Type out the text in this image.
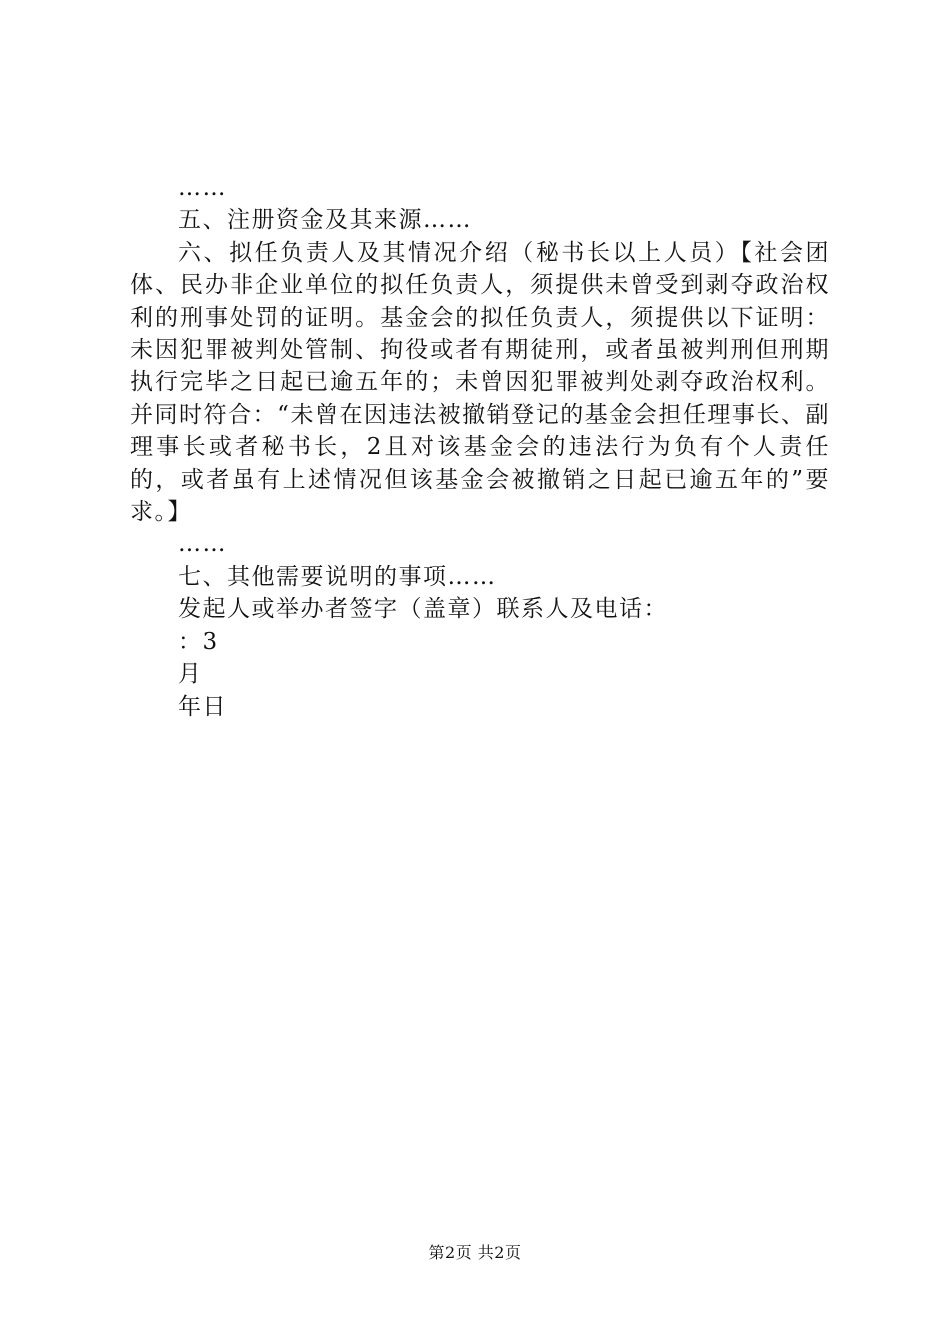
……

五、注册资金及其来源……

六、拟任负责人及其情况介绍（秘书长以上人员）【社会团体、民办非企业单位的拟任负责人，须提供未曾受到剥夺政治权利的刑事处罚的证明。基金会的拟任负责人，须提供以下证明：未因犯罪被判处管制、拘役或者有期徒刑，或者虽被判刑但刑期执行完毕之日起已逾五年的；未曾因犯罪被判处剥夺政治权利。并同时符合：“未曾在因违法被撤销登记的基金会担任理事长、副理事长或者秘书长，2且对该基金会的违法行为负有个人责任的，或者虽有上述情况但该基金会被撤销之日起已逾五年的”要求。】

……

七、其他需要说明的事项……

发起人或举办者签字（盖章）联系人及电话：

：3

月

年日

第2页 共2页
